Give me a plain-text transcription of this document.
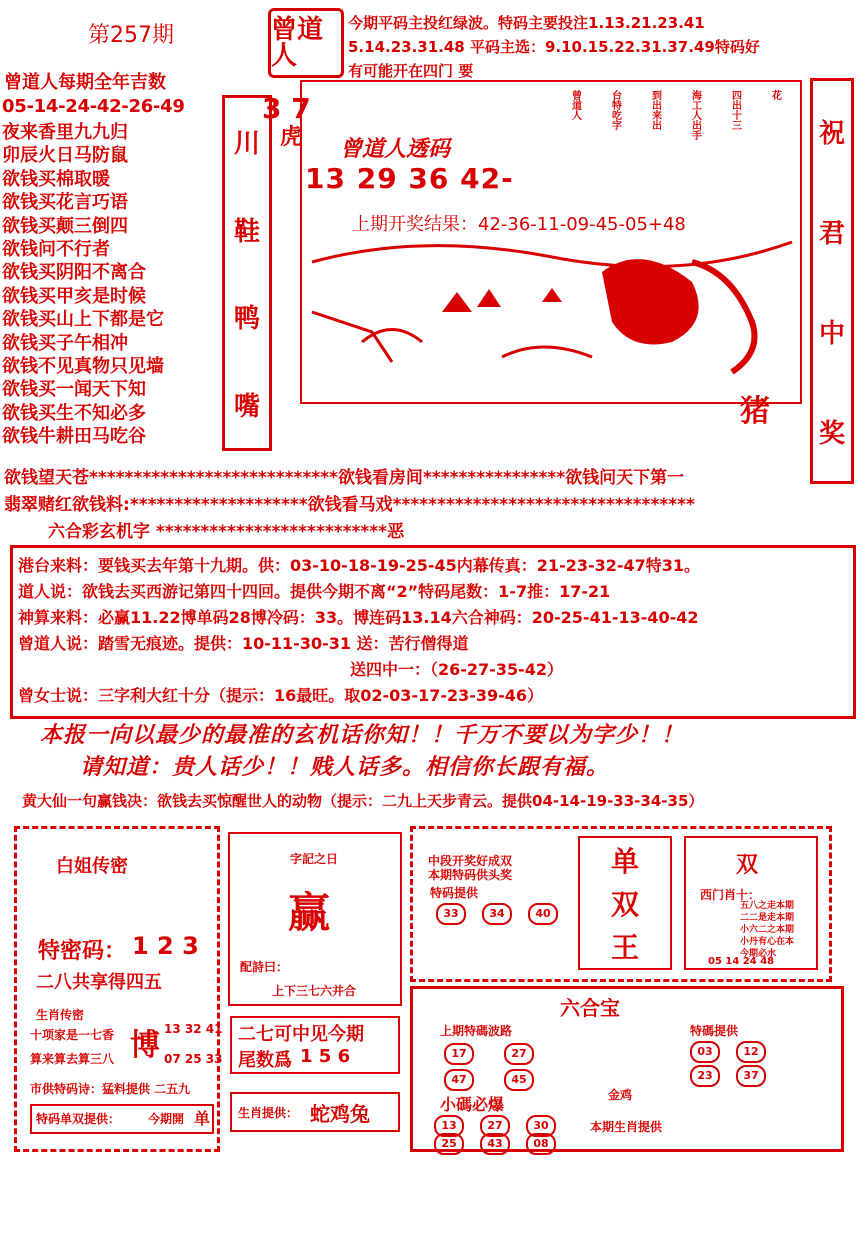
第257期	曾道人
今期平码主投红绿波。特码主要投注1.13.21.23.41
5.14.23.31.48 平码主选：9.10.15.22.31.37.49特码好
有可能开在四门 要
曾道人每期全年吉数
05-14-24-42-26-49
夜来香里九九归
卯辰火日马防鼠
欲钱买棉取暖
欲钱买花言巧语
欲钱买颠三倒四
欲钱问不行者
欲钱买阴阳不离合
欲钱买甲亥是时候
欲钱买山上下都是它
欲钱买子午相冲
欲钱不见真物只见墙
欲钱买一闻天下知
欲钱买生不知必多
欲钱牛耕田马吃谷
川
鞋
鸭
嘴
3 7
虎 曾道人透码
13 29 36 42-
上期开奖结果：42-36-11-09-45-05+48
曾道人	台特吃字	到出来出	海工人出手	四出十三	花
猪
祝
君
中
奖
欲钱望天苍****************************欲钱看房间****************欲钱问天下第一
翡翠赌红欲钱料:********************欲钱看马戏**********************************
六合彩玄机字 **************************恶
港台来料：要钱买去年第十九期。供：03-10-18-19-25-45内幕传真：21-23-32-47特31。
道人说：欲钱去买西游记第四十四回。提供今期不离“2”特码尾数：1-7推：17-21
神算来料：必赢11.22博单码28博冷码：33。博连码13.14六合神码：20-25-41-13-40-42
曾道人说：踏雪无痕迹。提供：10-11-30-31 送：苦行僧得道
送四中一：（26-27-35-42）
曾女士说：三字利大红十分（提示：16最旺。取02-03-17-23-39-46）
本报一向以最少的最准的玄机话你知！！千万不要以为字少！！
请知道：贵人话少！！贱人话多。相信你长跟有福。
黄大仙一句赢钱决：欲钱去买惊醒世人的动物（提示：二九上天步青云。提供04-14-19-33-34-35）
白姐传密
特密码： 1 2 3
二八共享得四五
生肖传密
十项家是一七香
算来算去算三八 博 13 32 41
07 25 33
市供特码诗：猛料提供 二五九
特码单双提供： 今期開 单
字記之日
赢
配詩曰：
上下三七六并合
二七可中见今期
尾数爲 1 5 6
生肖提供： 蛇鸡兔
中段开奖好成双
本期特码供头奖
特码提供
33	34	40
单
双
王
双
西门肖十：
五八之走本期
二二是走本期
小六二之本期
小丹有心在本
今期必水
05 14 24 48
六合宝
上期特碼波路
17	27
47	45
小碼必爆
13	27	30
25	43	08
特碼提供
03	12
23	37
金鸡
本期生肖提供
